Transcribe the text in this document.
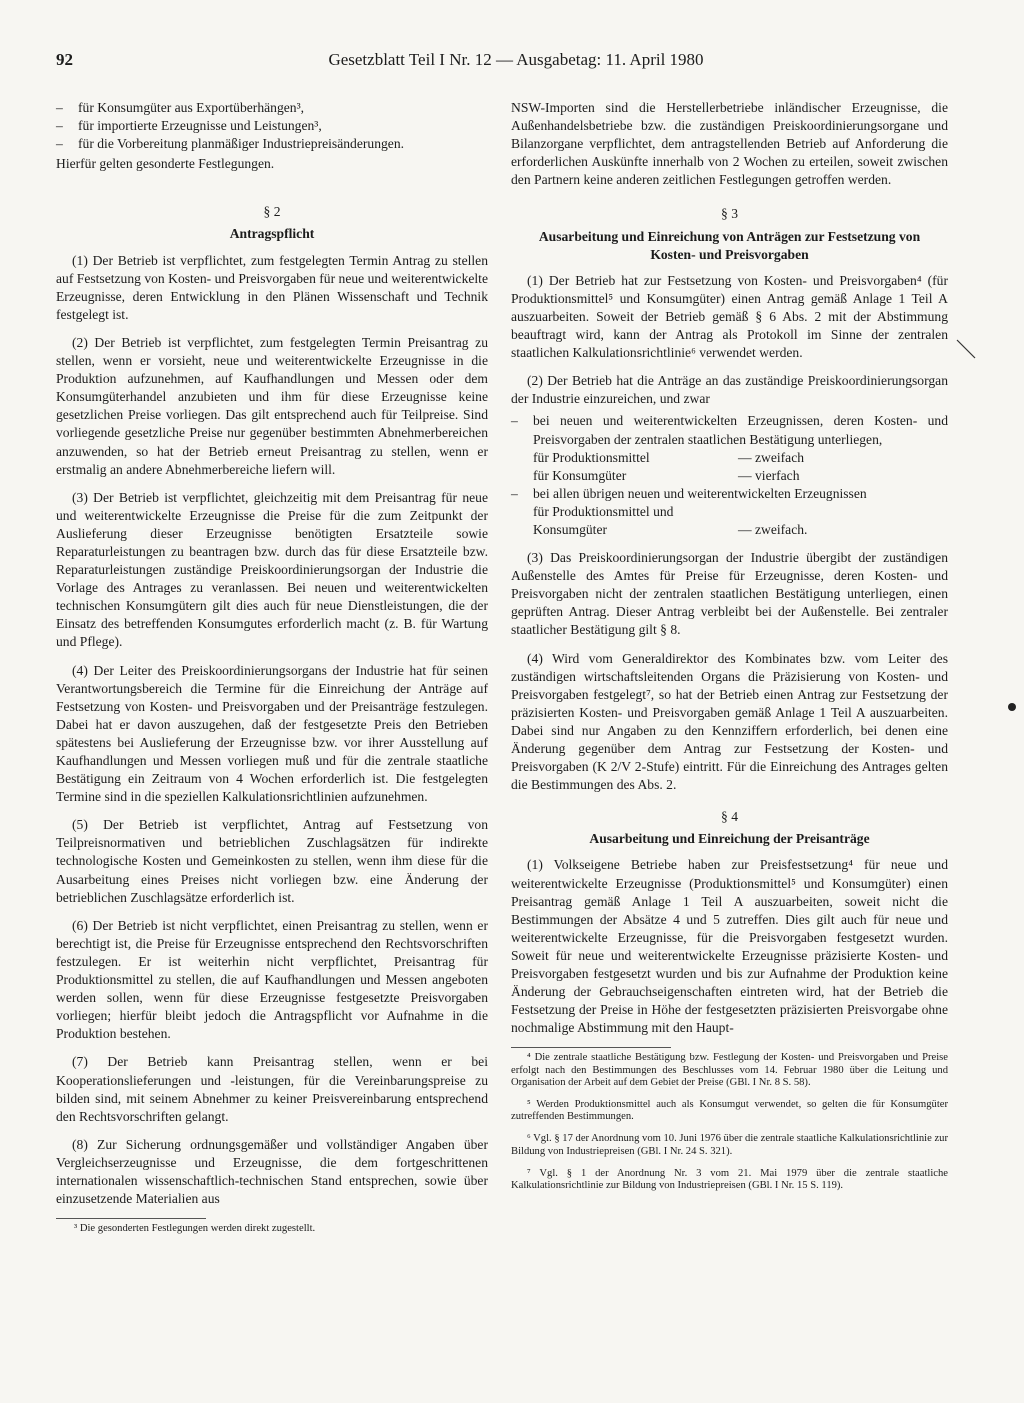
92	Gesetzblatt Teil I Nr. 12 — Ausgabetag: 11. April 1980
–	für Konsumgüter aus Exportüberhängen³,
–	für importierte Erzeugnisse und Leistungen³,
–	für die Vorbereitung planmäßiger Industriepreisänderungen.

Hierfür gelten gesonderte Festlegungen.

§ 2
Antragspflicht

(1) Der Betrieb ist verpflichtet, zum festgelegten Termin Antrag zu stellen auf Festsetzung von Kosten- und Preisvorgaben für neue und weiterentwickelte Erzeugnisse, deren Entwicklung in den Plänen Wissenschaft und Technik festgelegt ist.

(2) Der Betrieb ist verpflichtet, zum festgelegten Termin Preisantrag zu stellen, wenn er vorsieht, neue und weiterentwickelte Erzeugnisse in die Produktion aufzunehmen, auf Kaufhandlungen und Messen oder dem Konsumgüterhandel anzubieten und ihm für diese Erzeugnisse keine gesetzlichen Preise vorliegen. Das gilt entsprechend auch für Teilpreise. Sind vorliegende gesetzliche Preise nur gegenüber bestimmten Abnehmerbereichen anzuwenden, so hat der Betrieb erneut Preisantrag zu stellen, wenn er erstmalig an andere Abnehmerbereiche liefern will.

(3) Der Betrieb ist verpflichtet, gleichzeitig mit dem Preisantrag für neue und weiterentwickelte Erzeugnisse die Preise für die zum Zeitpunkt der Auslieferung dieser Erzeugnisse benötigten Ersatzteile sowie Reparaturleistungen zu beantragen bzw. durch das für diese Ersatzteile bzw. Reparaturleistungen zuständige Preiskoordinierungsorgan der Industrie die Vorlage des Antrages zu veranlassen. Bei neuen und weiterentwickelten technischen Konsumgütern gilt dies auch für neue Dienstleistungen, die der Einsatz des betreffenden Konsumgutes erforderlich macht (z. B. für Wartung und Pflege).

(4) Der Leiter des Preiskoordinierungsorgans der Industrie hat für seinen Verantwortungsbereich die Termine für die Einreichung der Anträge auf Festsetzung von Kosten- und Preisvorgaben und der Preisanträge festzulegen. Dabei hat er davon auszugehen, daß der festgesetzte Preis den Betrieben spätestens bei Auslieferung der Erzeugnisse bzw. vor ihrer Ausstellung auf Kaufhandlungen und Messen vorliegen muß und für die zentrale staatliche Bestätigung ein Zeitraum von 4 Wochen erforderlich ist. Die festgelegten Termine sind in die speziellen Kalkulationsrichtlinien aufzunehmen.

(5) Der Betrieb ist verpflichtet, Antrag auf Festsetzung von Teilpreisnormativen und betrieblichen Zuschlagsätzen für indirekte technologische Kosten und Gemeinkosten zu stellen, wenn ihm diese für die Ausarbeitung eines Preises nicht vorliegen bzw. eine Änderung der betrieblichen Zuschlagsätze erforderlich ist.

(6) Der Betrieb ist nicht verpflichtet, einen Preisantrag zu stellen, wenn er berechtigt ist, die Preise für Erzeugnisse entsprechend den Rechtsvorschriften festzulegen. Er ist weiterhin nicht verpflichtet, Preisantrag für Produktionsmittel zu stellen, die auf Kaufhandlungen und Messen angeboten werden sollen, wenn für diese Erzeugnisse festgesetzte Preisvorgaben vorliegen; hierfür bleibt jedoch die Antragspflicht vor Aufnahme in die Produktion bestehen.

(7) Der Betrieb kann Preisantrag stellen, wenn er bei Kooperationslieferungen und -leistungen, für die Vereinbarungspreise zu bilden sind, mit seinem Abnehmer zu keiner Preisvereinbarung entsprechend den Rechtsvorschriften gelangt.

(8) Zur Sicherung ordnungsgemäßer und vollständiger Angaben über Vergleichserzeugnisse und Erzeugnisse, die dem fortgeschrittenen internationalen wissenschaftlich-technischen Stand entsprechen, sowie über einzusetzende Materialien aus

³ Die gesonderten Festlegungen werden direkt zugestellt.

NSW-Importen sind die Herstellerbetriebe inländischer Erzeugnisse, die Außenhandelsbetriebe bzw. die zuständigen Preiskoordinierungsorgane und Bilanzorgane verpflichtet, dem antragstellenden Betrieb auf Anforderung die erforderlichen Auskünfte innerhalb von 2 Wochen zu erteilen, soweit zwischen den Partnern keine anderen zeitlichen Festlegungen getroffen werden.

§ 3
Ausarbeitung und Einreichung von Anträgen zur Festsetzung von Kosten- und Preisvorgaben

(1) Der Betrieb hat zur Festsetzung von Kosten- und Preisvorgaben⁴ (für Produktionsmittel⁵ und Konsumgüter) einen Antrag gemäß Anlage 1 Teil A auszuarbeiten. Soweit der Betrieb gemäß § 6 Abs. 2 mit der Abstimmung beauftragt wird, kann der Antrag als Protokoll im Sinne der zentralen staatlichen Kalkulationsrichtlinie⁶ verwendet werden.

(2) Der Betrieb hat die Anträge an das zuständige Preiskoordinierungsorgan der Industrie einzureichen, und zwar

–	bei neuen und weiterentwickelten Erzeugnissen, deren Kosten- und Preisvorgaben der zentralen staatlichen Bestätigung unterliegen,
für Produktionsmittel	— zweifach
für Konsumgüter	— vierfach
–	bei allen übrigen neuen und weiterentwickelten Erzeugnissen
für Produktionsmittel und
Konsumgüter	— zweifach.

(3) Das Preiskoordinierungsorgan der Industrie übergibt der zuständigen Außenstelle des Amtes für Preise für Erzeugnisse, deren Kosten- und Preisvorgaben nicht der zentralen staatlichen Bestätigung unterliegen, einen geprüften Antrag. Dieser Antrag verbleibt bei der Außenstelle. Bei zentraler staatlicher Bestätigung gilt § 8.

(4) Wird vom Generaldirektor des Kombinates bzw. vom Leiter des zuständigen wirtschaftsleitenden Organs die Präzisierung von Kosten- und Preisvorgaben festgelegt⁷, so hat der Betrieb einen Antrag zur Festsetzung der präzisierten Kosten- und Preisvorgaben gemäß Anlage 1 Teil A auszuarbeiten. Dabei sind nur Angaben zu den Kennziffern erforderlich, bei denen eine Änderung gegenüber dem Antrag zur Festsetzung der Kosten- und Preisvorgaben (K 2/V 2-Stufe) eintritt. Für die Einreichung des Antrages gelten die Bestimmungen des Abs. 2.

§ 4
Ausarbeitung und Einreichung der Preisanträge

(1) Volkseigene Betriebe haben zur Preisfestsetzung⁴ für neue und weiterentwickelte Erzeugnisse (Produktionsmittel⁵ und Konsumgüter) einen Preisantrag gemäß Anlage 1 Teil A auszuarbeiten, soweit nicht die Bestimmungen der Absätze 4 und 5 zutreffen. Dies gilt auch für neue und weiterentwickelte Erzeugnisse, für die Preisvorgaben festgesetzt wurden. Soweit für neue und weiterentwickelte Erzeugnisse präzisierte Kosten- und Preisvorgaben festgesetzt wurden und bis zur Aufnahme der Produktion keine Änderung der Gebrauchseigenschaften eintreten wird, hat der Betrieb die Festsetzung der Preise in Höhe der festgesetzten präzisierten Preisvorgabe ohne nochmalige Abstimmung mit den Haupt-

⁴ Die zentrale staatliche Bestätigung bzw. Festlegung der Kosten- und Preisvorgaben und Preise erfolgt nach den Bestimmungen des Beschlusses vom 14. Februar 1980 über die Leitung und Organisation der Arbeit auf dem Gebiet der Preise (GBl. I Nr. 8 S. 58).

⁵ Werden Produktionsmittel auch als Konsumgut verwendet, so gelten die für Konsumgüter zutreffenden Bestimmungen.

⁶ Vgl. § 17 der Anordnung vom 10. Juni 1976 über die zentrale staatliche Kalkulationsrichtlinie zur Bildung von Industriepreisen (GBl. I Nr. 24 S. 321).

⁷ Vgl. § 1 der Anordnung Nr. 3 vom 21. Mai 1979 über die zentrale staatliche Kalkulationsrichtlinie zur Bildung von Industriepreisen (GBl. I Nr. 15 S. 119).
